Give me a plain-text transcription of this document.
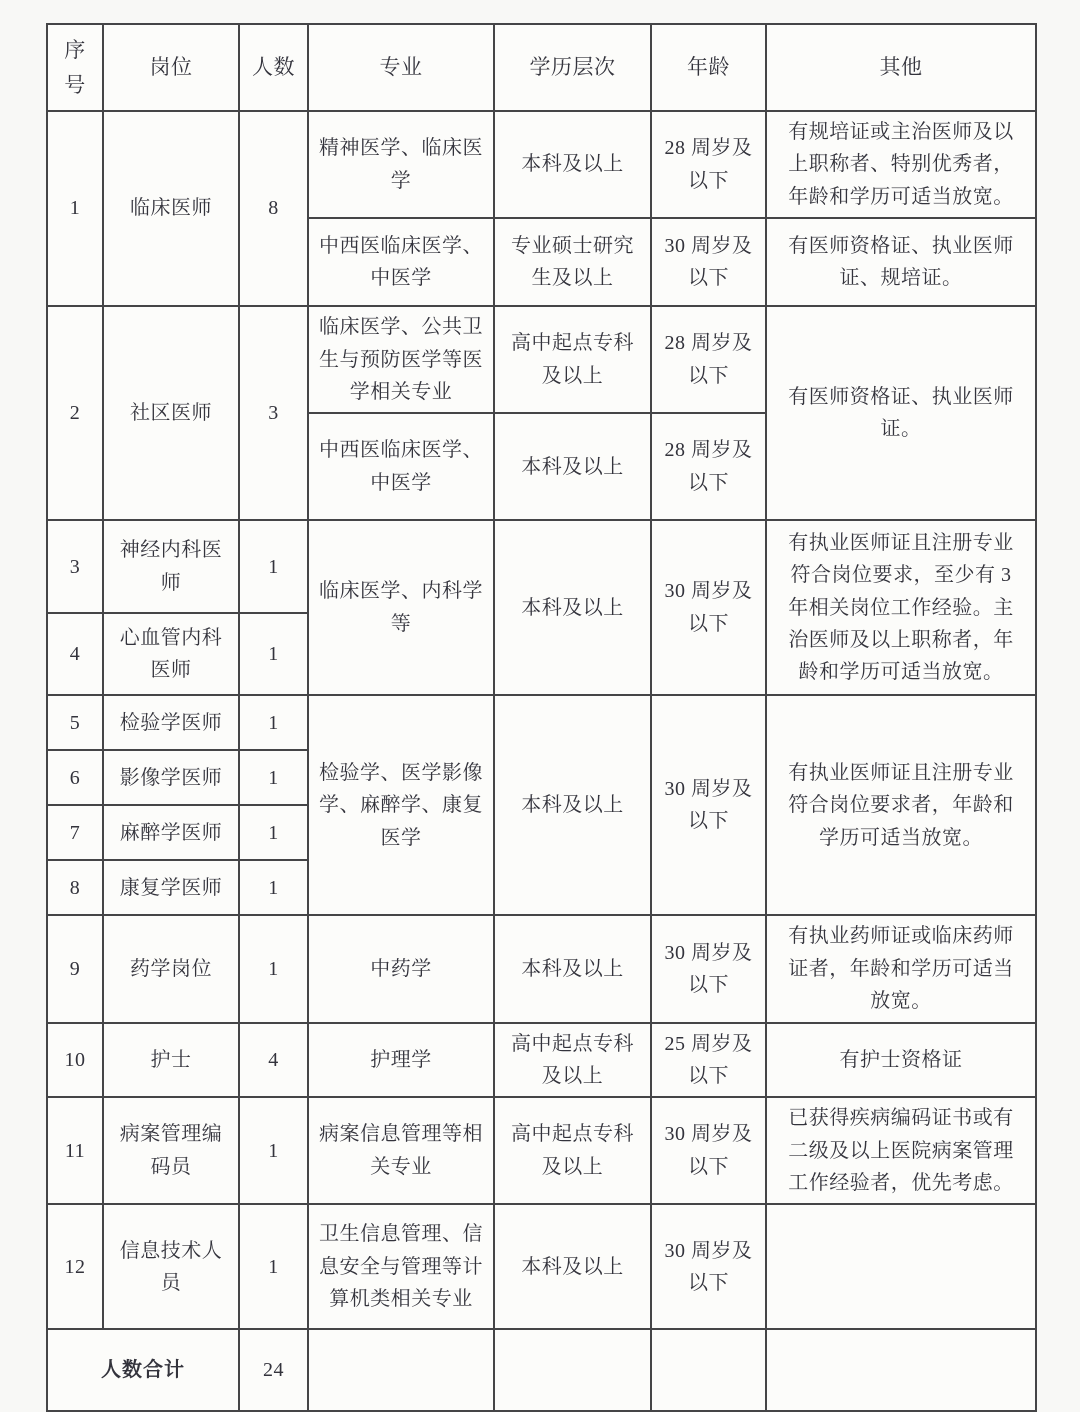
序号	岗位	人数	专业	学历层次	年龄	其他
1	临床医师	8	精神医学、临床医学	本科及以上	28 周岁及以下	有规培证或主治医师及以上职称者、特别优秀者，年龄和学历可适当放宽。
			中西医临床医学、中医学	专业硕士研究生及以上	30 周岁及以下	有医师资格证、执业医师证、规培证。
2	社区医师	3	临床医学、公共卫生与预防医学等医学相关专业	高中起点专科及以上	28 周岁及以下	有医师资格证、执业医师证。
			中西医临床医学、中医学	本科及以上	28 周岁及以下	
3	神经内科医师	1	临床医学、内科学等	本科及以上	30 周岁及以下	有执业医师证且注册专业符合岗位要求，至少有 3 年相关岗位工作经验。主治医师及以上职称者，年龄和学历可适当放宽。
4	心血管内科医师	1				
5	检验学医师	1	检验学、医学影像学、麻醉学、康复医学	本科及以上	30 周岁及以下	有执业医师证且注册专业符合岗位要求者，年龄和学历可适当放宽。
6	影像学医师	1				
7	麻醉学医师	1				
8	康复学医师	1				
9	药学岗位	1	中药学	本科及以上	30 周岁及以下	有执业药师证或临床药师证者，年龄和学历可适当放宽。
10	护士	4	护理学	高中起点专科及以上	25 周岁及以下	有护士资格证
11	病案管理编码员	1	病案信息管理等相关专业	高中起点专科及以上	30 周岁及以下	已获得疾病编码证书或有二级及以上医院病案管理工作经验者，优先考虑。
12	信息技术人员	1	卫生信息管理、信息安全与管理等计算机类相关专业	本科及以上	30 周岁及以下	
人数合计		24				
